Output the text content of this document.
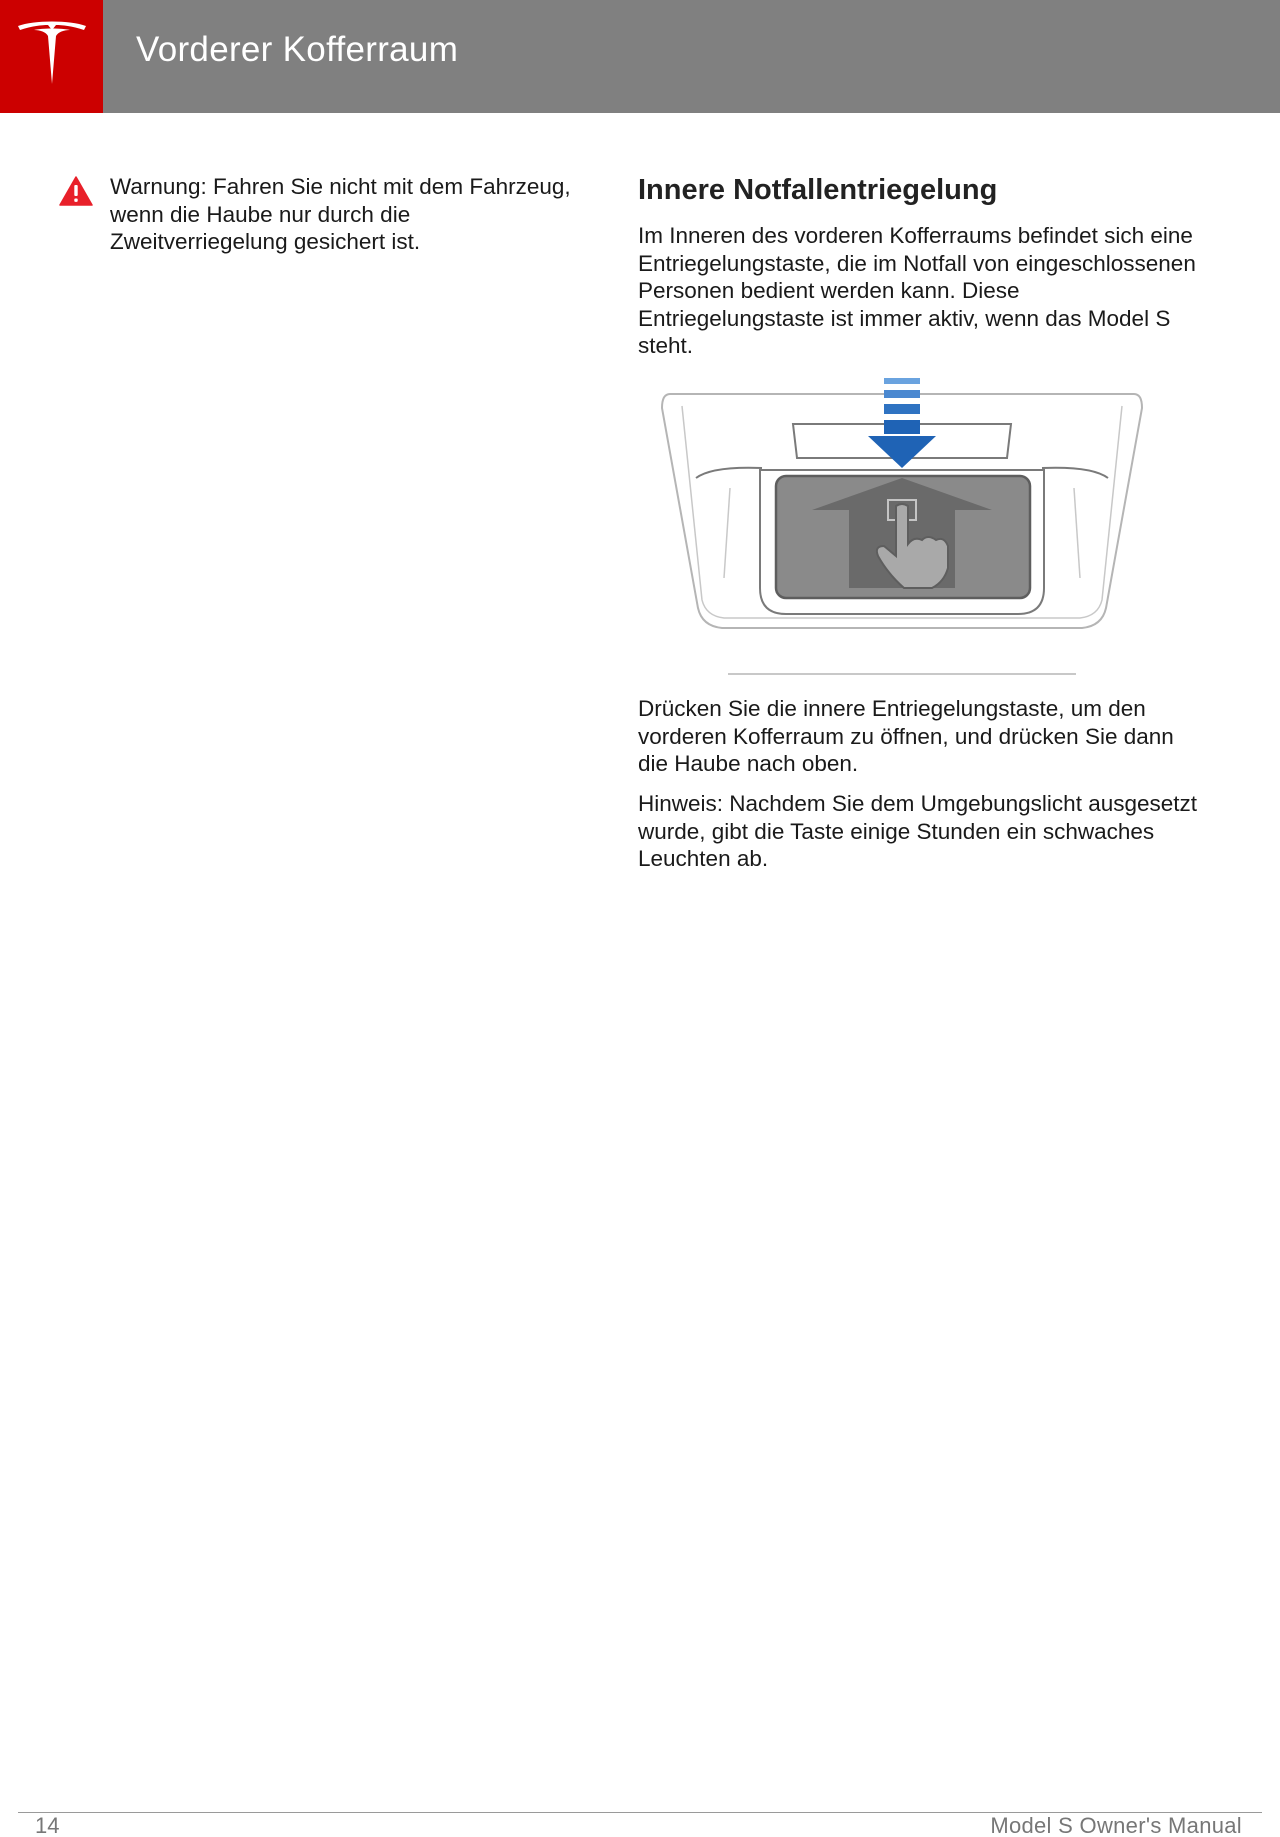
Vorderer Kofferraum
Warnung: Fahren Sie nicht mit dem Fahrzeug, wenn die Haube nur durch die Zweitverriegelung gesichert ist.
Innere Notfallentriegelung

Im Inneren des vorderen Kofferraums befindet sich eine Entriegelungstaste, die im Notfall von eingeschlossenen Personen bedient werden kann. Diese Entriegelungstaste ist immer aktiv, wenn das Model S steht.

Drücken Sie die innere Entriegelungstaste, um den vorderen Kofferraum zu öffnen, und drücken Sie dann die Haube nach oben.

Hinweis: Nachdem Sie dem Umgebungslicht ausgesetzt wurde, gibt die Taste einige Stunden ein schwaches Leuchten ab.

14	Model S Owner's Manual
